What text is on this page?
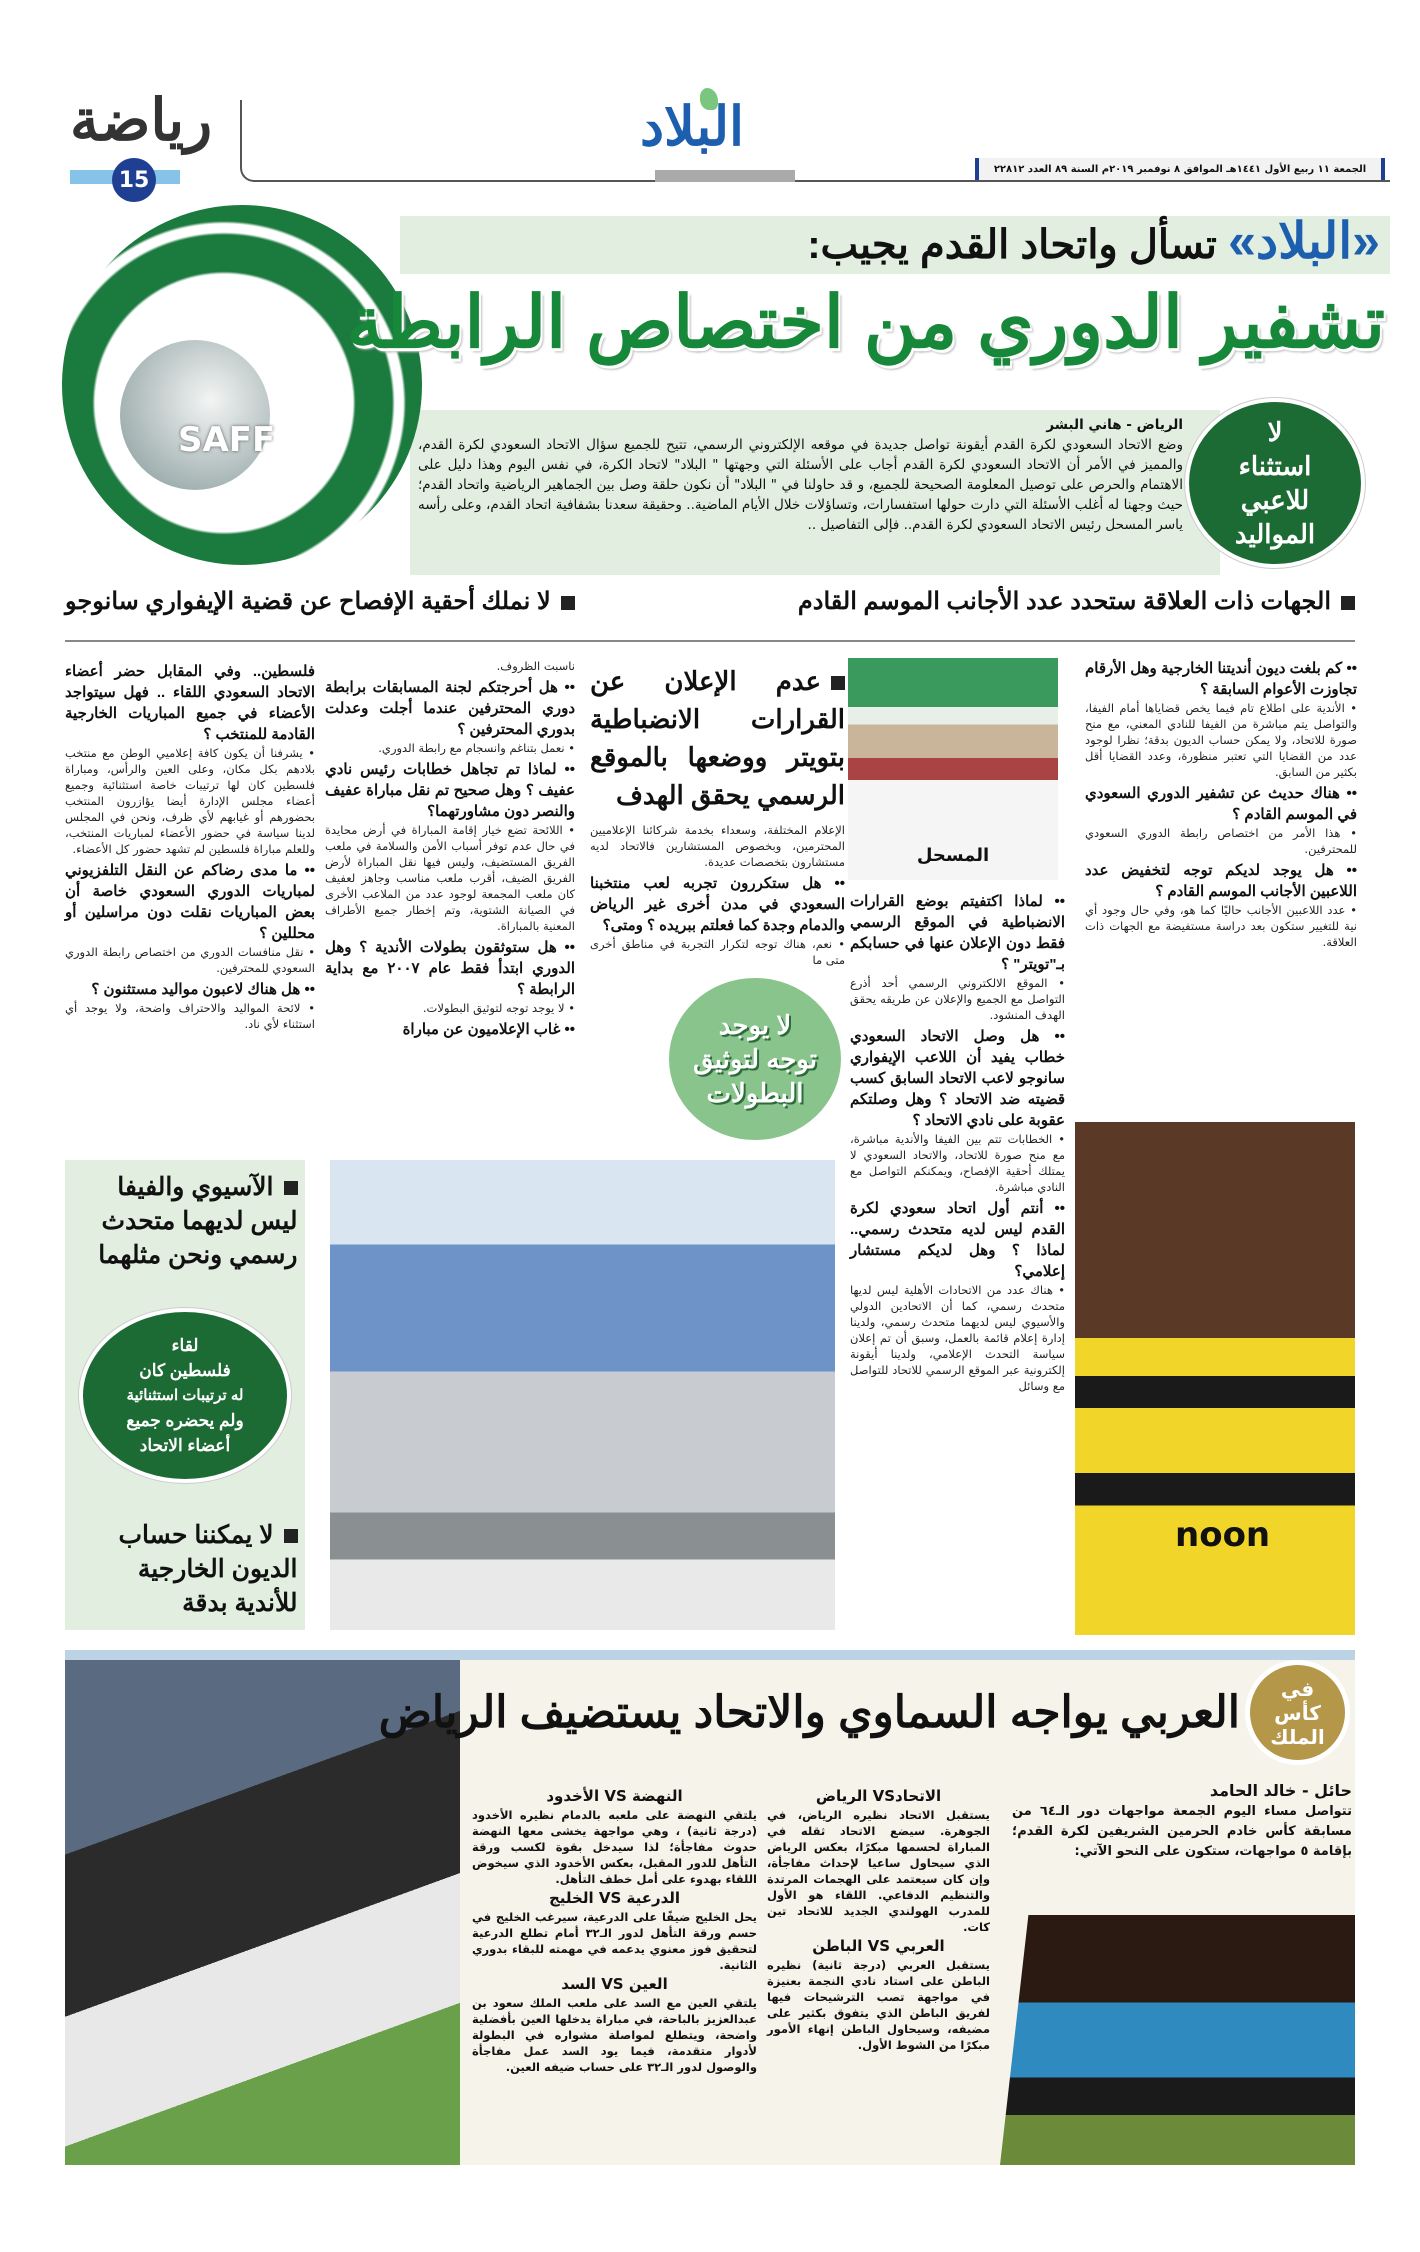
رياضة
15
البلاد
الجمعة ١١ ربيع الأول ١٤٤١هـ الموافق ٨ نوفمبر ٢٠١٩م السنة ٨٩ العدد ٢٢٨١٢
SAFF
«البلاد» تسأل واتحاد القدم يجيب:
تشفير الدوري من اختصاص الرابطة
الرياض - هاني البشر
وضع الاتحاد السعودي لكرة القدم أيقونة تواصل جديدة في موقعه الإلكتروني الرسمي، تتيح للجميع سؤال الاتحاد السعودي لكرة القدم، والمميز في الأمر أن الاتحاد السعودي لكرة القدم أجاب على الأسئلة التي وجهتها " البلاد" لاتحاد الكرة، في نفس اليوم وهذا دليل على الاهتمام والحرص على توصيل المعلومة الصحيحة للجميع، و قد حاولنا في " البلاد" أن نكون حلقة وصل بين الجماهير الرياضية واتحاد القدم؛ حيث وجهنا له أغلب الأسئلة التي دارت حولها استفسارات، وتساؤلات خلال الأيام الماضية.. وحقيقة سعدنا بشفافية اتحاد القدم، وعلى رأسه ياسر المسحل رئيس الاتحاد السعودي لكرة القدم.. فإلى التفاصيل ..
لا
استثناء
للاعبي
المواليد
الجهات ذات العلاقة ستحدد عدد الأجانب الموسم القادم
لا نملك أحقية الإفصاح عن قضية الإيفواري سانوجو
•• كم بلغت ديون أنديتنا الخارجية وهل الأرقام تجاوزت الأعوام السابقة ؟
• الأندية على اطلاع تام فيما يخص قضاياها أمام الفيفا، والتواصل يتم مباشرة من الفيفا للنادي المعني، مع منح صورة للاتحاد، ولا يمكن حساب الديون بدقة؛ نظرا لوجود عدد من القضايا التي تعتبر منظورة، وعدد القضايا أقل بكثير من السابق.
•• هناك حديث عن تشفير الدوري السعودي في الموسم القادم ؟
• هذا الأمر من اختصاص رابطة الدوري السعودي للمحترفين.
•• هل يوجد لديكم توجه لتخفيض عدد اللاعبين الأجانب الموسم القادم ؟
• عدد اللاعبين الأجانب حاليًا كما هو، وفي حال وجود أي نية للتغيير ستكون بعد دراسة مستفيضة مع الجهات ذات العلاقة.
المسحل
•• لماذا اكتفيتم بوضع القرارات الانضباطية في الموقع الرسمي فقط دون الإعلان عنها في حسابكم بـ"تويتر" ؟
• الموقع الالكتروني الرسمي أحد أذرع التواصل مع الجميع والإعلان عن طريقه يحقق الهدف المنشود.
•• هل وصل الاتحاد السعودي خطاب يفيد أن اللاعب الإيفواري سانوجو لاعب الاتحاد السابق كسب قضيته ضد الاتحاد ؟ وهل وصلتكم عقوبة على نادي الاتحاد ؟
• الخطابات تتم بين الفيفا والأندية مباشرة، مع منح صورة للاتحاد، والاتحاد السعودي لا يمتلك أحقية الإفصاح، ويمكنكم التواصل مع النادي مباشرة.
•• أنتم أول اتحاد سعودي لكرة القدم ليس لديه متحدث رسمي.. لماذا ؟ وهل لديكم مستشار إعلامي؟
• هناك عدد من الاتحادات الأهلية ليس لديها متحدث رسمي، كما أن الاتحادين الدولي والأسيوي ليس لديهما متحدث رسمي، ولدينا إدارة إعلام قائمة بالعمل، وسبق أن تم إعلان سياسة التحدث الإعلامي، ولدينا أيقونة إلكترونية عبر الموقع الرسمي للاتحاد للتواصل مع وسائل
عدم الإعلان عن القرارات الانضباطية بتويتر ووضعها بالموقع الرسمي يحقق الهدف
الإعلام المختلفة، وسعداء بخدمة شركائنا الإعلاميين المحترمين، وبخصوص المستشارين فالاتحاد لديه مستشارون بتخصصات عديدة.
•• هل ستكررون تجربه لعب منتخبنا السعودي في مدن أخرى غير الرياض والدمام وجدة كما فعلتم ببريده ؟ ومتى؟
• نعم، هناك توجه لتكرار التجربة في مناطق أخرى متى ما
لا يوجد
توجه لتوثيق
البطولات
ناسبت الظروف.
•• هل أحرجتكم لجنة المسابقات برابطة دوري المحترفين عندما أجلت وعدلت بدوري المحترفين ؟
• نعمل بتناغم وانسجام مع رابطة الدوري.
•• لماذا تم تجاهل خطابات رئيس نادي عفيف ؟ وهل صحيح تم نقل مباراة عفيف والنصر دون مشاورتهما؟
• اللائحة تضع خيار إقامة المباراة في أرض محايدة في حال عدم توفر أسباب الأمن والسلامة في ملعب الفريق المستضيف، وليس فيها نقل المباراة لأرض الفريق الضيف، أقرب ملعب مناسب وجاهز لعفيف كان ملعب المجمعة لوجود عدد من الملاعب الأخرى في الصيانة الشتوية، وتم إخطار جميع الأطراف المعنية بالمباراة.
•• هل ستوثقون بطولات الأندية ؟ وهل الدوري ابتدأ فقط عام ٢٠٠٧ مع بداية الرابطة ؟
• لا يوجد توجه لتوثيق البطولات.
•• غاب الإعلاميون عن مباراة
فلسطين.. وفي المقابل حضر أعضاء الاتحاد السعودي اللقاء .. فهل سيتواجد الأعضاء في جميع المباريات الخارجية القادمة للمنتخب ؟
• يشرفنا أن يكون كافة إعلاميي الوطن مع منتخب بلادهم بكل مكان، وعلى العين والرأس، ومباراة فلسطين كان لها ترتيبات خاصة استثنائية وجميع أعضاء مجلس الإدارة أيضا يؤازرون المنتخب بحضورهم أو غيابهم لأي ظرف، ونحن في المجلس لدينا سياسة في حضور الأعضاء لمباريات المنتخب، وللعلم مباراة فلسطين لم تشهد حضور كل الأعضاء.
•• ما مدى رضاكم عن النقل التلفزيوني لمباريات الدوري السعودي خاصة أن بعض المباريات نقلت دون مراسلين أو محللين ؟
• نقل منافسات الدوري من اختصاص رابطة الدوري السعودي للمحترفين.
•• هل هناك لاعبون مواليد مستثنون ؟
• لائحة المواليد والاحتراف واضحة، ولا يوجد أي استثناء لأي ناد.
الآسيوي والفيفا ليس لديهما متحدث رسمي ونحن مثلهما
لقاء
فلسطين كان
له ترتيبات استثنائية
ولم يحضره جميع
أعضاء الاتحاد
لا يمكننا حساب الديون الخارجية للأندية بدقة
noon
في
كأس
الملك
العربي يواجه السماوي والاتحاد يستضيف الرياض
حائل - خالد الحامد
تتواصل مساء اليوم الجمعة مواجهات دور الـ٦٤ من مسابقة كأس خادم الحرمين الشريفين لكرة القدم؛ بإقامة ٥ مواجهات، ستكون على النحو الآتي:
الاتحادVS الرياض
يستقبل الاتحاد نظيره الرياض، في الجوهرة. سيضع الاتحاد ثقله في المباراة لحسمها مبكرًا، بعكس الرياض الذي سيحاول ساعيا لإحداث مفاجأة، وإن كان سيعتمد على الهجمات المرتدة والتنظيم الدفاعي. اللقاء هو الأول للمدرب الهولندي الجديد للاتحاد تين كات.
العربي VS الباطن
يستقبل العربي (درجة ثانية) نظيره الباطن على استاد نادي النجمة بعنيزة في مواجهة تصب الترشيحات فيها لفريق الباطن الذي يتفوق بكثير على مضيفه، وسيحاول الباطن إنهاء الأمور مبكرًا من الشوط الأول.
النهضة VS الأخدود
يلتقي النهضة على ملعبه بالدمام نظيره الأخدود (درجة ثانية) ، وهي مواجهة يخشى معها النهضة حدوث مفاجأة؛ لذا سيدخل بقوة لكسب ورقة التأهل للدور المقبل، بعكس الأخدود الذي سيخوض اللقاء بهدوء على أمل خطف التأهل.
الدرعية VS الخليج
يحل الخليج ضيفًا على الدرعية، سيرغب الخليج في حسم ورقة التأهل لدور الـ٣٢ أمام تطلع الدرعية لتحقيق فوز معنوي يدعمه في مهمته للبقاء بدوري الثانية.
العين VS السد
يلتقي العين مع السد على ملعب الملك سعود بن عبدالعزيز بالباحة، في مباراة يدخلها العين بأفضلية واضحة، ويتطلع لمواصلة مشواره في البطولة لأدوار متقدمة، فيما يود السد عمل مفاجأة والوصول لدور الـ٣٢ على حساب ضيفه العين.
